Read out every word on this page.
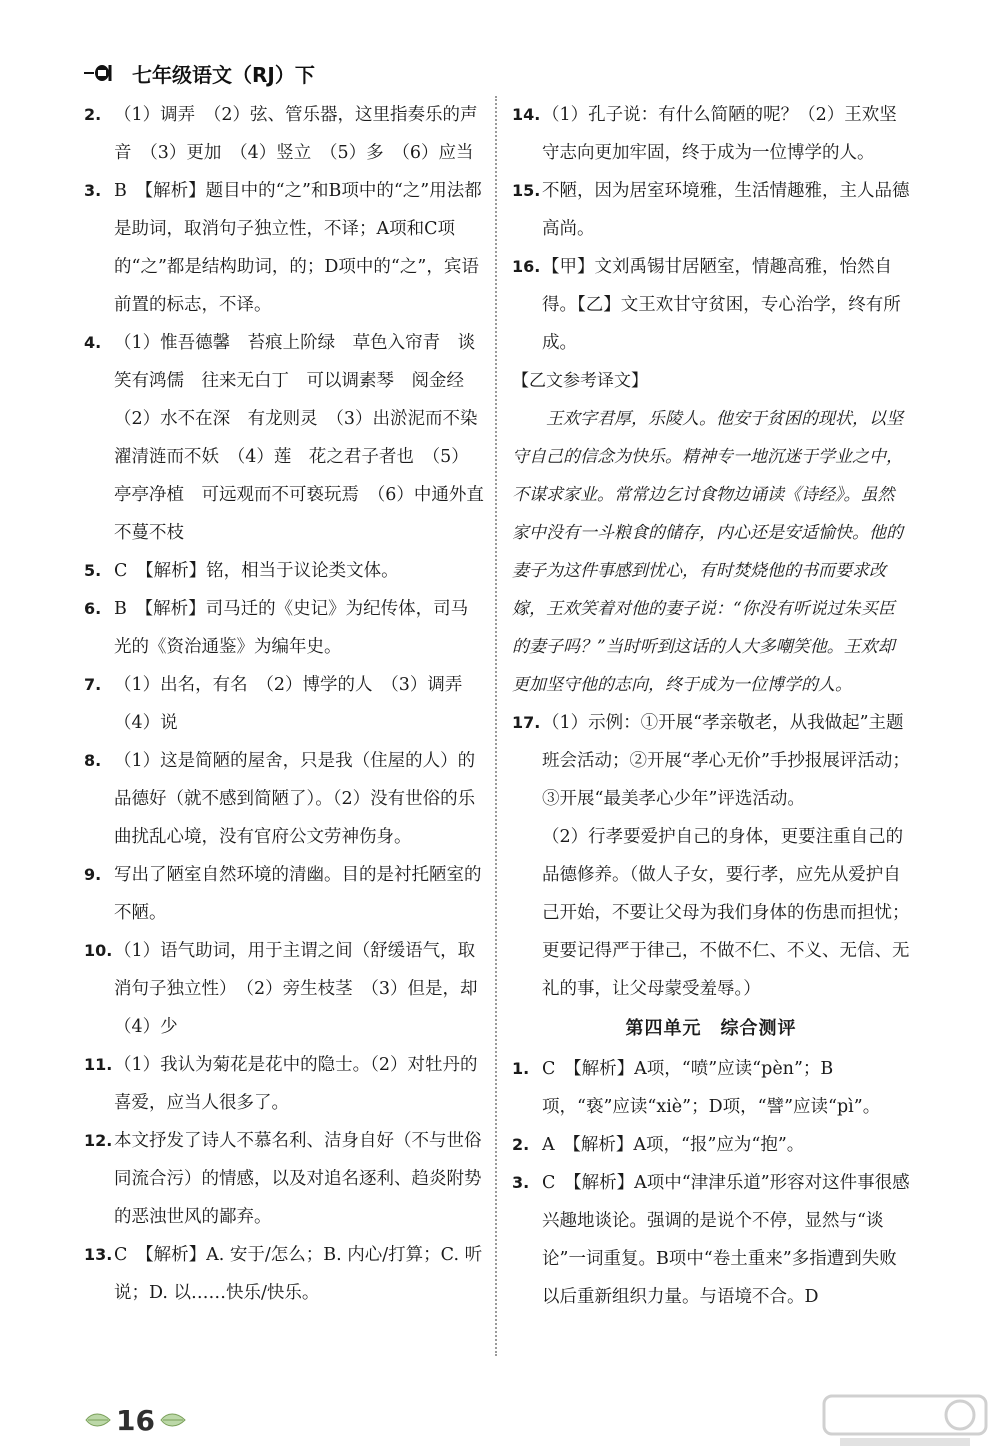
七年级语文（RJ）下
2. （1）调弄　（2）弦、管乐器，这里指奏乐的声音　（3）更加　（4）竖立　（5）多　（6）应当
3. B　【解析】题目中的“之”和B项中的“之”用法都是助词，取消句子独立性，不译；A项和C项的“之”都是结构助词，的；D项中的“之”，宾语前置的标志，不译。
4. （1）惟吾德馨　苔痕上阶绿　草色入帘青　谈笑有鸿儒　往来无白丁　可以调素琴　阅金经　（2）水不在深　有龙则灵　（3）出淤泥而不染　濯清涟而不妖　（4）莲　花之君子者也　（5）亭亭净植　可远观而不可亵玩焉　（6）中通外直　不蔓不枝
5. C　【解析】铭，相当于议论类文体。
6. B　【解析】司马迁的《史记》为纪传体，司马光的《资治通鉴》为编年史。
7. （1）出名，有名　（2）博学的人　（3）调弄　（4）说
8. （1）这是简陋的屋舍，只是我（住屋的人）的品德好（就不感到简陋了）。（2）没有世俗的乐曲扰乱心境，没有官府公文劳神伤身。
9. 写出了陋室自然环境的清幽。目的是衬托陋室的不陋。
10. （1）语气助词，用于主谓之间（舒缓语气，取消句子独立性）　（2）旁生枝茎　（3）但是，却　（4）少
11. （1）我认为菊花是花中的隐士。（2）对牡丹的喜爱，应当人很多了。
12. 本文抒发了诗人不慕名利、洁身自好（不与世俗同流合污）的情感，以及对追名逐利、趋炎附势的恶浊世风的鄙弃。
13. C　【解析】A. 安于/怎么；B. 内心/打算；C. 听说；D. 以……快乐/快乐。
14. （1）孔子说：有什么简陋的呢？（2）王欢坚守志向更加牢固，终于成为一位博学的人。
15. 不陋，因为居室环境雅，生活情趣雅，主人品德高尚。
16. 【甲】文刘禹锡甘居陋室，情趣高雅，怡然自得。【乙】文王欢甘守贫困，专心治学，终有所成。
【乙文参考译文】
王欢字君厚，乐陵人。他安于贫困的现状，以坚守自己的信念为快乐。精神专一地沉迷于学业之中，不谋求家业。常常边乞讨食物边诵读《诗经》。虽然家中没有一斗粮食的储存，内心还是安适愉快。他的妻子为这件事感到忧心，有时焚烧他的书而要求改嫁，王欢笑着对他的妻子说：“你没有听说过朱买臣的妻子吗？”当时听到这话的人大多嘲笑他。王欢却更加坚守他的志向，终于成为一位博学的人。
17. （1）示例：①开展“孝亲敬老，从我做起”主题班会活动；②开展“孝心无价”手抄报展评活动；③开展“最美孝心少年”评选活动。
（2）行孝要爱护自己的身体，更要注重自己的品德修养。（做人子女，要行孝，应先从爱护自己开始，不要让父母为我们身体的伤患而担忧；更要记得严于律己，不做不仁、不义、无信、无礼的事，让父母蒙受羞辱。）
第四单元　综合测评
1. C　【解析】A项，“喷”应读“pèn”；B项，“亵”应读“xiè”；D项，“譬”应读“pì”。
2. A　【解析】A项，“报”应为“抱”。
3. C　【解析】A项中“津津乐道”形容对这件事很感兴趣地谈论。强调的是说个不停，显然与“谈论”一词重复。B项中“卷土重来”多指遭到失败以后重新组织力量。与语境不合。D
16
